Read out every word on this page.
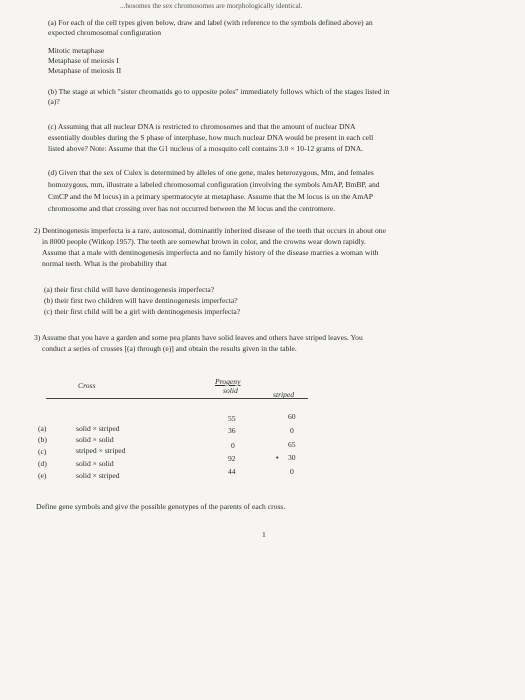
...hosomes the sex chromosomes are morphologically identical.
(a) For each of the cell types given below, draw and label (with reference to the symbols defined above) an
expected chromosomal configuration
Mitotic metaphase
Metaphase of meiosis I
Metaphase of meiosis II
(b) The stage at which "sister chromatids go to opposite poles" immediately follows which of the stages listed in
(a)?
(c) Assuming that all nuclear DNA is restricted to chromosomes and that the amount of nuclear DNA
essentially doubles during the S phase of interphase, how much nuclear DNA would be present in each cell
listed above? Note: Assume that the G1 nucleus of a mosquito cell contains 3.0 × 10-12 grams of DNA.
(d) Given that the sex of Culex is determined by alleles of one gene, males heterozygous, Mm, and females
homozygous, mm, illustrate a labeled chromosomal configuration (involving the symbols AmAP, BmBP, and
CmCP and the M locus) in a primary spermatocyte at metaphase. Assume that the M locus is on the AmAP
chromosome and that crossing over has not occurred between the M locus and the centromere.
2) Dentinogenesis imperfecta is a rare, autosomal, dominantly inherited disease of the teeth that occurs in about one
in 8000 people (Witkop 1957). The teeth are somewhat brown in color, and the crowns wear down rapidly.
Assume that a male with dentinogenesis imperfecta and no family history of the disease marries a woman with
normal teeth. What is the probability that
(a) their first child will have dentinogenesis imperfecta?
(b) their first two children will have dentinogenesis imperfecta?
(c) their first child will be a girl with dentinogenesis imperfecta?
3) Assume that you have a garden and some pea plants have solid leaves and others have striped leaves. You
conduct a series of crosses [(a) through (e)] and obtain the results given in the table.
Cross	Progeny
solid	striped
(a)
(b)
(c)
(d)
(e)
solid × striped
solid × solid
striped × striped
solid × solid
solid × striped
55
36
0
92
44
60
0
65
• 30
0
Define gene symbols and give the possible genotypes of the parents of each cross.
1
